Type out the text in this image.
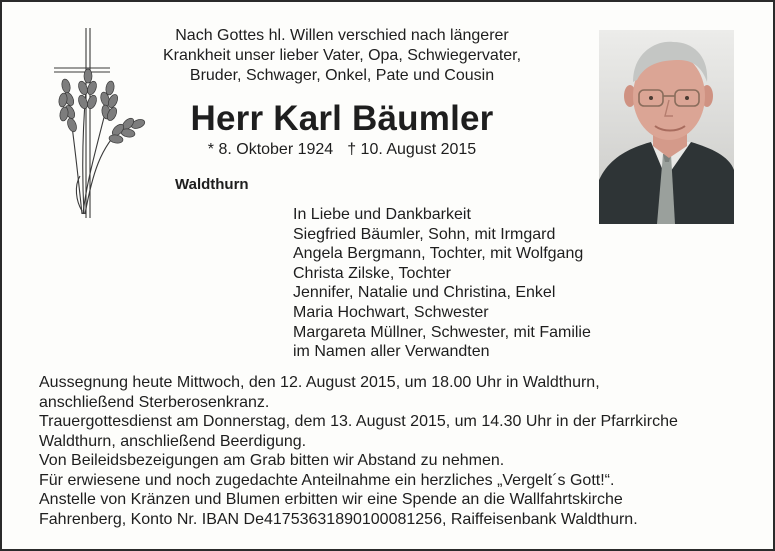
Nach Gottes hl. Willen verschied nach längerer
Krankheit unser lieber Vater, Opa, Schwiegervater,
Bruder, Schwager, Onkel, Pate und Cousin
Herr Karl Bäumler
* 8. Oktober 1924 † 10. August 2015
Waldthurn
In Liebe und Dankbarkeit
Siegfried Bäumler, Sohn, mit Irmgard
Angela Bergmann, Tochter, mit Wolfgang
Christa Zilske, Tochter
Jennifer, Natalie und Christina, Enkel
Maria Hochwart, Schwester
Margareta Müllner, Schwester, mit Familie
im Namen aller Verwandten
Aussegnung heute Mittwoch, den 12. August 2015, um 18.00 Uhr in Waldthurn,
anschließend Sterberosenkranz.
Trauergottesdienst am Donnerstag, dem 13. August 2015, um 14.30 Uhr in der Pfarrkirche
Waldthurn, anschließend Beerdigung.
Von Beileidsbezeigungen am Grab bitten wir Abstand zu nehmen.
Für erwiesene und noch zugedachte Anteilnahme ein herzliches „Vergelt´s Gott!“.
Anstelle von Kränzen und Blumen erbitten wir eine Spende an die Wallfahrtskirche
Fahrenberg, Konto Nr. IBAN De41753631890100081256, Raiffeisenbank Waldthurn.
